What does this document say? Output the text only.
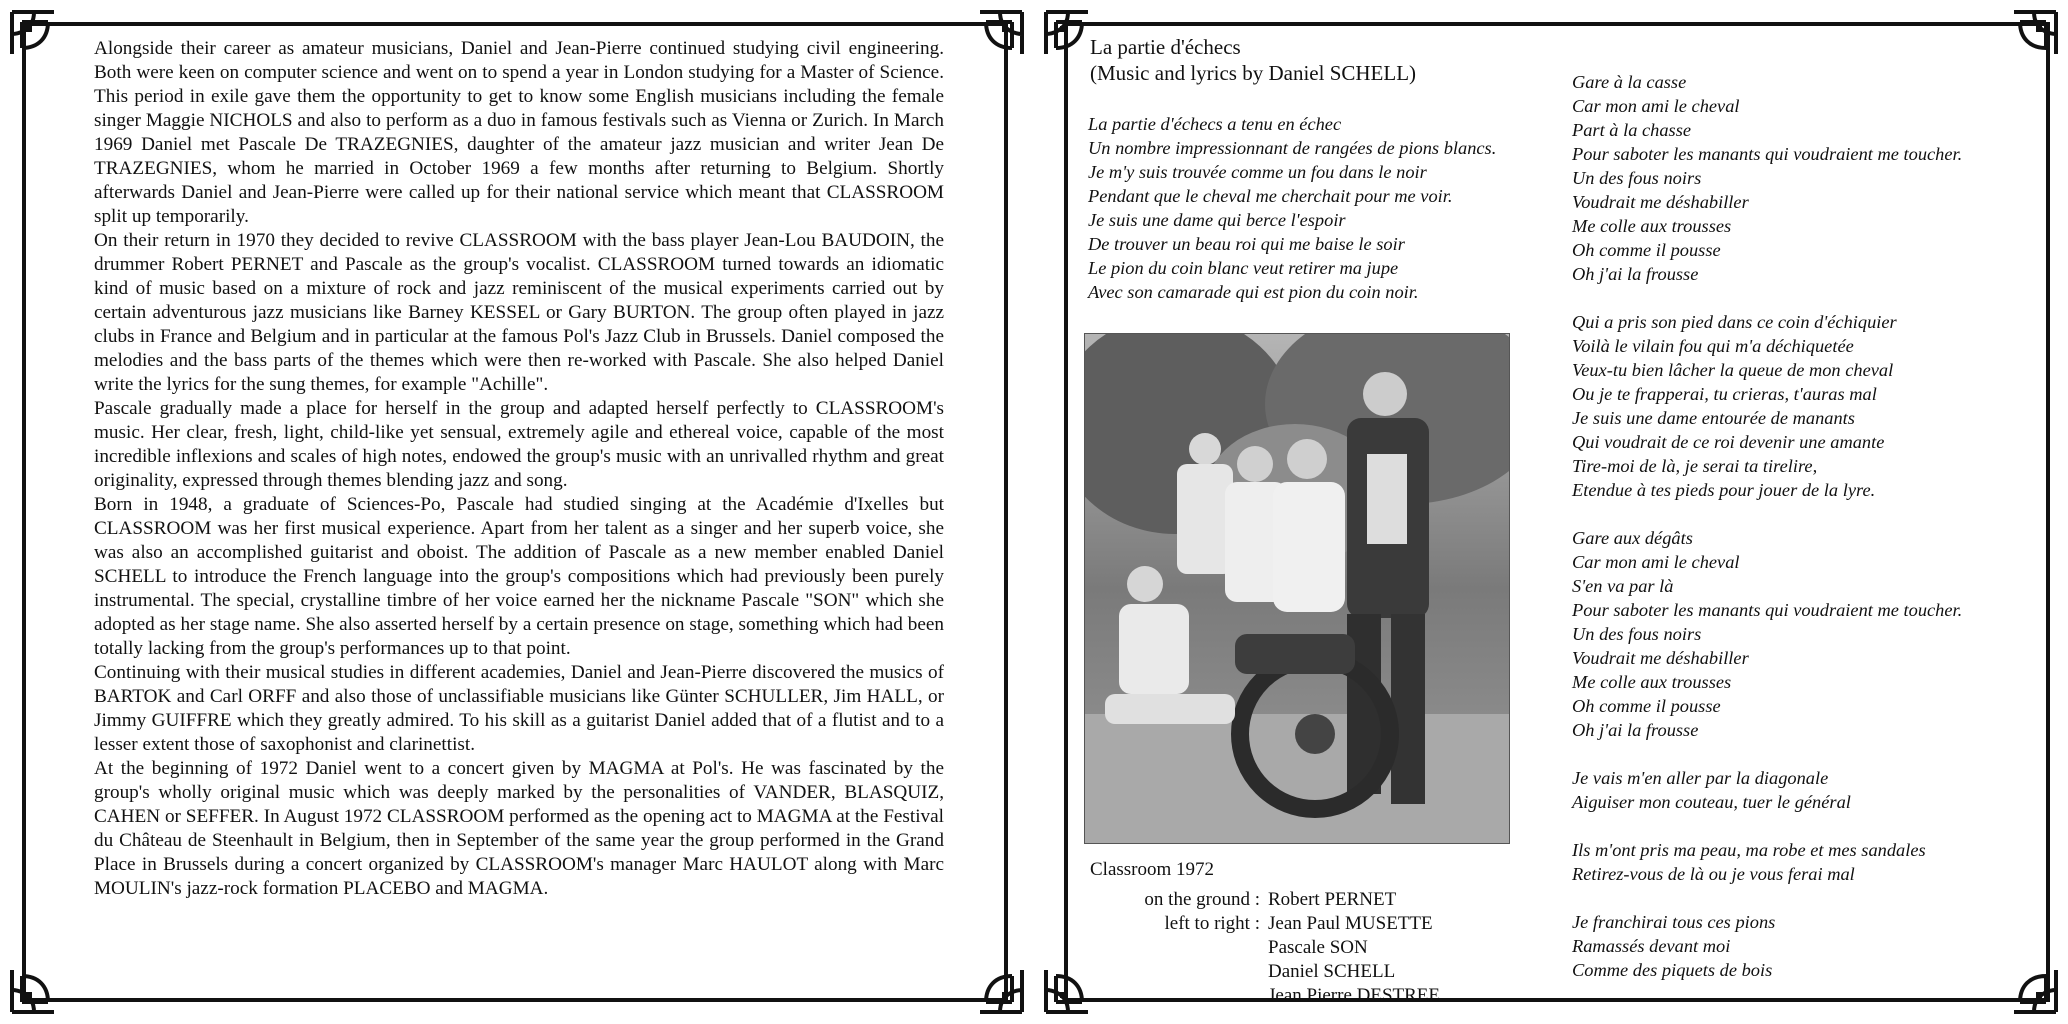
Alongside their career as amateur musicians, Daniel and Jean-Pierre continued studying civil engineering. Both were keen on computer science and went on to spend a year in London studying for a Master of Science. This period in exile gave them the opportunity to get to know some English musicians including the female singer Maggie NICHOLS and also to perform as a duo in famous festivals such as Vienna or Zurich. In March 1969 Daniel met Pascale De TRAZEGNIES, daughter of the amateur jazz musician and writer Jean De TRAZEGNIES, whom he married in October 1969 a few months after returning to Belgium. Shortly afterwards Daniel and Jean-Pierre were called up for their national service which meant that CLASSROOM split up temporarily.

On their return in 1970 they decided to revive CLASSROOM with the bass player Jean-Lou BAUDOIN, the drummer Robert PERNET and Pascale as the group's vocalist. CLASSROOM turned towards an idiomatic kind of music based on a mixture of rock and jazz reminiscent of the musical experiments carried out by certain adventurous jazz musicians like Barney KESSEL or Gary BURTON. The group often played in jazz clubs in France and Belgium and in particular at the famous Pol's Jazz Club in Brussels. Daniel composed the melodies and the bass parts of the themes which were then re-worked with Pascale. She also helped Daniel write the lyrics for the sung themes, for example "Achille".

Pascale gradually made a place for herself in the group and adapted herself perfectly to CLASSROOM's music. Her clear, fresh, light, child-like yet sensual, extremely agile and ethereal voice, capable of the most incredible inflexions and scales of high notes, endowed the group's music with an unrivalled rhythm and great originality, expressed through themes blending jazz and song.

Born in 1948, a graduate of Sciences-Po, Pascale had studied singing at the Académie d'Ixelles but CLASSROOM was her first musical experience. Apart from her talent as a singer and her superb voice, she was also an accomplished guitarist and oboist. The addition of Pascale as a new member enabled Daniel SCHELL to introduce the French language into the group's compositions which had previously been purely instrumental. The special, crystalline timbre of her voice earned her the nickname Pascale "SON" which she adopted as her stage name. She also asserted herself by a certain presence on stage, something which had been totally lacking from the group's performances up to that point.

Continuing with their musical studies in different academies, Daniel and Jean-Pierre discovered the musics of BARTOK and Carl ORFF and also those of unclassifiable musicians like Günter SCHULLER, Jim HALL, or Jimmy GUIFFRE which they greatly admired. To his skill as a guitarist Daniel added that of a flutist and to a lesser extent those of saxophonist and clarinettist.

At the beginning of 1972 Daniel went to a concert given by MAGMA at Pol's. He was fascinated by the group's wholly original music which was deeply marked by the personalities of VANDER, BLASQUIZ, CAHEN or SEFFER. In August 1972 CLASSROOM performed as the opening act to MAGMA at the Festival du Château de Steenhault in Belgium, then in September of the same year the group performed in the Grand Place in Brussels during a concert organized by CLASSROOM's manager Marc HAULOT along with Marc MOULIN's jazz-rock formation PLACEBO and MAGMA.

La partie d'échecs
(Music and lyrics by Daniel SCHELL)

La partie d'échecs a tenu en échec
Un nombre impressionnant de rangées de pions blancs.
Je m'y suis trouvée comme un fou dans le noir
Pendant que le cheval me cherchait pour me voir.
Je suis une dame qui berce l'espoir
De trouver un beau roi qui me baise le soir
Le pion du coin blanc veut retirer ma jupe
Avec son camarade qui est pion du coin noir.

Classroom 1972
on the ground : Robert PERNET
left to right : Jean Paul MUSETTE
Pascale SON
Daniel SCHELL
Jean Pierre DESTREE

Gare à la casse
Car mon ami le cheval
Part à la chasse
Pour saboter les manants qui voudraient me toucher.
Un des fous noirs
Voudrait me déshabiller
Me colle aux trousses
Oh comme il pousse
Oh j'ai la frousse

Qui a pris son pied dans ce coin d'échiquier
Voilà le vilain fou qui m'a déchiquetée
Veux-tu bien lâcher la queue de mon cheval
Ou je te frapperai, tu crieras, t'auras mal
Je suis une dame entourée de manants
Qui voudrait de ce roi devenir une amante
Tire-moi de là, je serai ta tirelire,
Etendue à tes pieds pour jouer de la lyre.

Gare aux dégâts
Car mon ami le cheval
S'en va par là
Pour saboter les manants qui voudraient me toucher.
Un des fous noirs
Voudrait me déshabiller
Me colle aux trousses
Oh comme il pousse
Oh j'ai la frousse

Je vais m'en aller par la diagonale
Aiguiser mon couteau, tuer le général

Ils m'ont pris ma peau, ma robe et mes sandales
Retirez-vous de là ou je vous ferai mal

Je franchirai tous ces pions
Ramassés devant moi
Comme des piquets de bois
